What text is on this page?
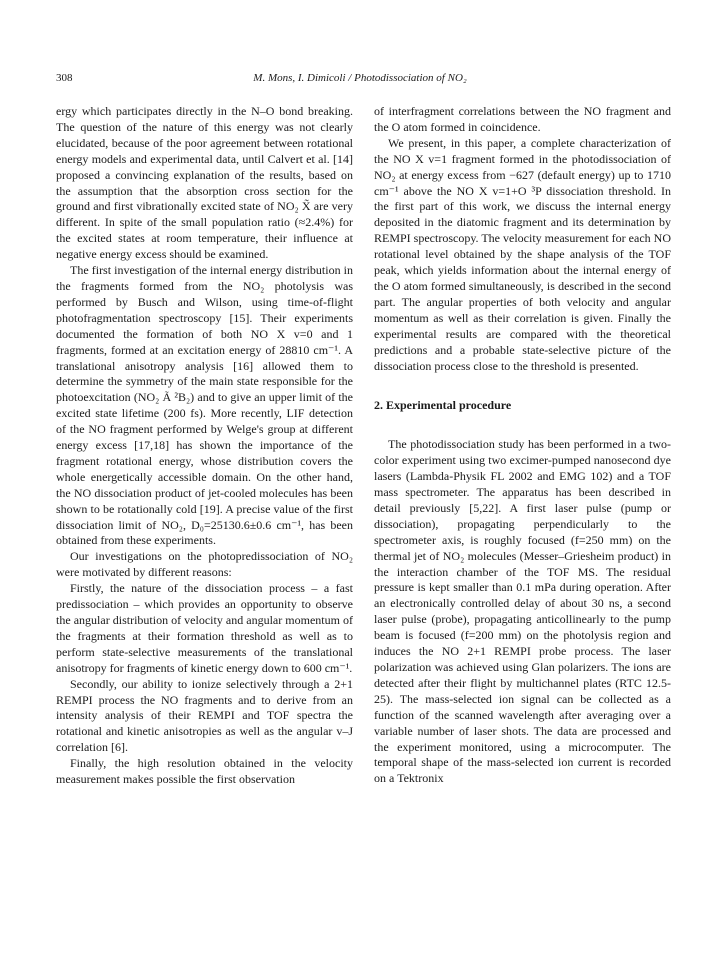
308	M. Mons, I. Dimicoli / Photodissociation of NO₂

ergy which participates directly in the N–O bond breaking. The question of the nature of this energy was not clearly elucidated, because of the poor agreement between rotational energy models and experimental data, until Calvert et al. [14] proposed a convincing explanation of the results, based on the assumption that the absorption cross section for the ground and first vibrationally excited state of NO₂ X̃ are very different. In spite of the small population ratio (≈2.4%) for the excited states at room temperature, their influence at negative energy excess should be examined.

The first investigation of the internal energy distribution in the fragments formed from the NO₂ photolysis was performed by Busch and Wilson, using time-of-flight photofragmentation spectroscopy [15]. Their experiments documented the formation of both NO X v=0 and 1 fragments, formed at an excitation energy of 28810 cm⁻¹. A translational anisotropy analysis [16] allowed them to determine the symmetry of the main state responsible for the photoexcitation (NO₂ Ã ²B₂) and to give an upper limit of the excited state lifetime (200 fs). More recently, LIF detection of the NO fragment performed by Welge's group at different energy excess [17,18] has shown the importance of the fragment rotational energy, whose distribution covers the whole energetically accessible domain. On the other hand, the NO dissociation product of jet-cooled molecules has been shown to be rotationally cold [19]. A precise value of the first dissociation limit of NO₂, D₀=25130.6±0.6 cm⁻¹, has been obtained from these experiments.

Our investigations on the photopredissociation of NO₂ were motivated by different reasons:

Firstly, the nature of the dissociation process – a fast predissociation – which provides an opportunity to observe the angular distribution of velocity and angular momentum of the fragments at their formation threshold as well as to perform state-selective measurements of the translational anisotropy for fragments of kinetic energy down to 600 cm⁻¹.

Secondly, our ability to ionize selectively through a 2+1 REMPI process the NO fragments and to derive from an intensity analysis of their REMPI and TOF spectra the rotational and kinetic anisotropies as well as the angular v–J correlation [6].

Finally, the high resolution obtained in the velocity measurement makes possible the first observation

of interfragment correlations between the NO fragment and the O atom formed in coincidence.

We present, in this paper, a complete characterization of the NO X v=1 fragment formed in the photodissociation of NO₂ at energy excess from −627 (default energy) up to 1710 cm⁻¹ above the NO X v=1+O ³P dissociation threshold. In the first part of this work, we discuss the internal energy deposited in the diatomic fragment and its determination by REMPI spectroscopy. The velocity measurement for each NO rotational level obtained by the shape analysis of the TOF peak, which yields information about the internal energy of the O atom formed simultaneously, is described in the second part. The angular properties of both velocity and angular momentum as well as their correlation is given. Finally the experimental results are compared with the theoretical predictions and a probable state-selective picture of the dissociation process close to the threshold is presented.

2. Experimental procedure

The photodissociation study has been performed in a two-color experiment using two excimer-pumped nanosecond dye lasers (Lambda-Physik FL 2002 and EMG 102) and a TOF mass spectrometer. The apparatus has been described in detail previously [5,22]. A first laser pulse (pump or dissociation), propagating perpendicularly to the spectrometer axis, is roughly focused (f=250 mm) on the thermal jet of NO₂ molecules (Messer–Griesheim product) in the interaction chamber of the TOF MS. The residual pressure is kept smaller than 0.1 mPa during operation. After an electronically controlled delay of about 30 ns, a second laser pulse (probe), propagating anticollinearly to the pump beam is focused (f=200 mm) on the photolysis region and induces the NO 2+1 REMPI probe process. The laser polarization was achieved using Glan polarizers. The ions are detected after their flight by multichannel plates (RTC 12.5-25). The mass-selected ion signal can be collected as a function of the scanned wavelength after averaging over a variable number of laser shots. The data are processed and the experiment monitored, using a microcomputer. The temporal shape of the mass-selected ion current is recorded on a Tektronix
